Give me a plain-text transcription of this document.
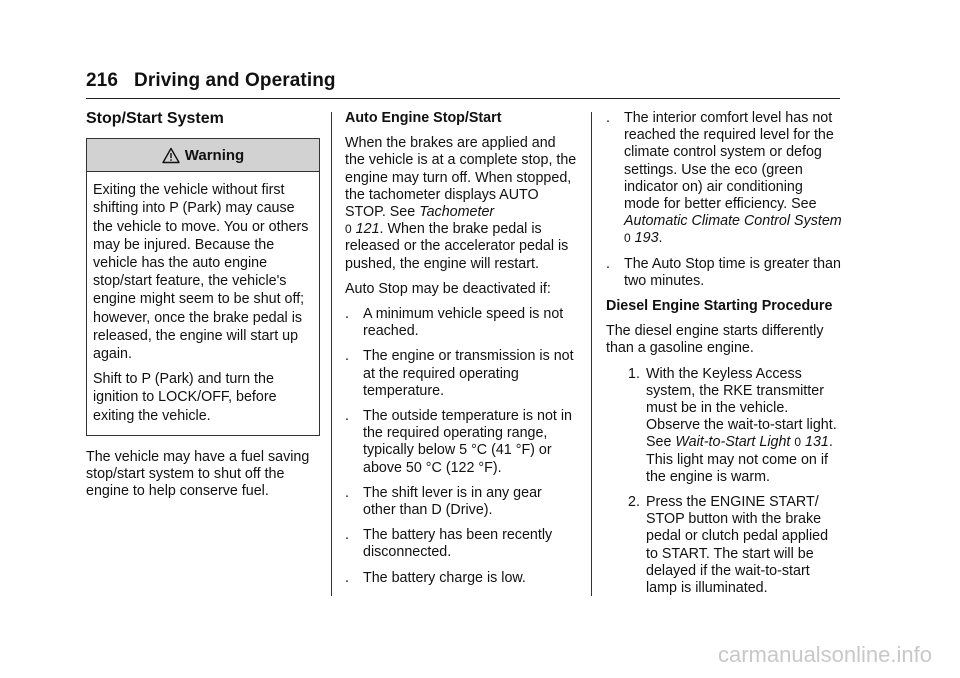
216 Driving and Operating
Stop/Start System
Warning

Exiting the vehicle without first shifting into P (Park) may cause the vehicle to move. You or others may be injured. Because the vehicle has the auto engine stop/start feature, the vehicle's engine might seem to be shut off; however, once the brake pedal is released, the engine will start up again.

Shift to P (Park) and turn the ignition to LOCK/OFF, before exiting the vehicle.

The vehicle may have a fuel saving stop/start system to shut off the engine to help conserve fuel.

Auto Engine Stop/Start

When the brakes are applied and the vehicle is at a complete stop, the engine may turn off. When stopped, the tachometer displays AUTO STOP. See Tachometer
0 121. When the brake pedal is released or the accelerator pedal is pushed, the engine will restart.

Auto Stop may be deactivated if:

. A minimum vehicle speed is not reached.
. The engine or transmission is not at the required operating temperature.
. The outside temperature is not in the required operating range, typically below 5 °C (41 °F) or above 50 °C (122 °F).
. The shift lever is in any gear other than D (Drive).
. The battery has been recently disconnected.
. The battery charge is low.
. The interior comfort level has not reached the required level for the climate control system or defog settings. Use the eco (green indicator on) air conditioning mode for better efficiency. See Automatic Climate Control System 0 193.
. The Auto Stop time is greater than two minutes.
Diesel Engine Starting Procedure

The diesel engine starts differently than a gasoline engine.

1. With the Keyless Access system, the RKE transmitter must be in the vehicle. Observe the wait-to-start light. See Wait-to-Start Light 0 131. This light may not come on if the engine is warm.
2. Press the ENGINE START/ STOP button with the brake pedal or clutch pedal applied to START. The start will be delayed if the wait-to-start lamp is illuminated.
carmanualsonline.info
